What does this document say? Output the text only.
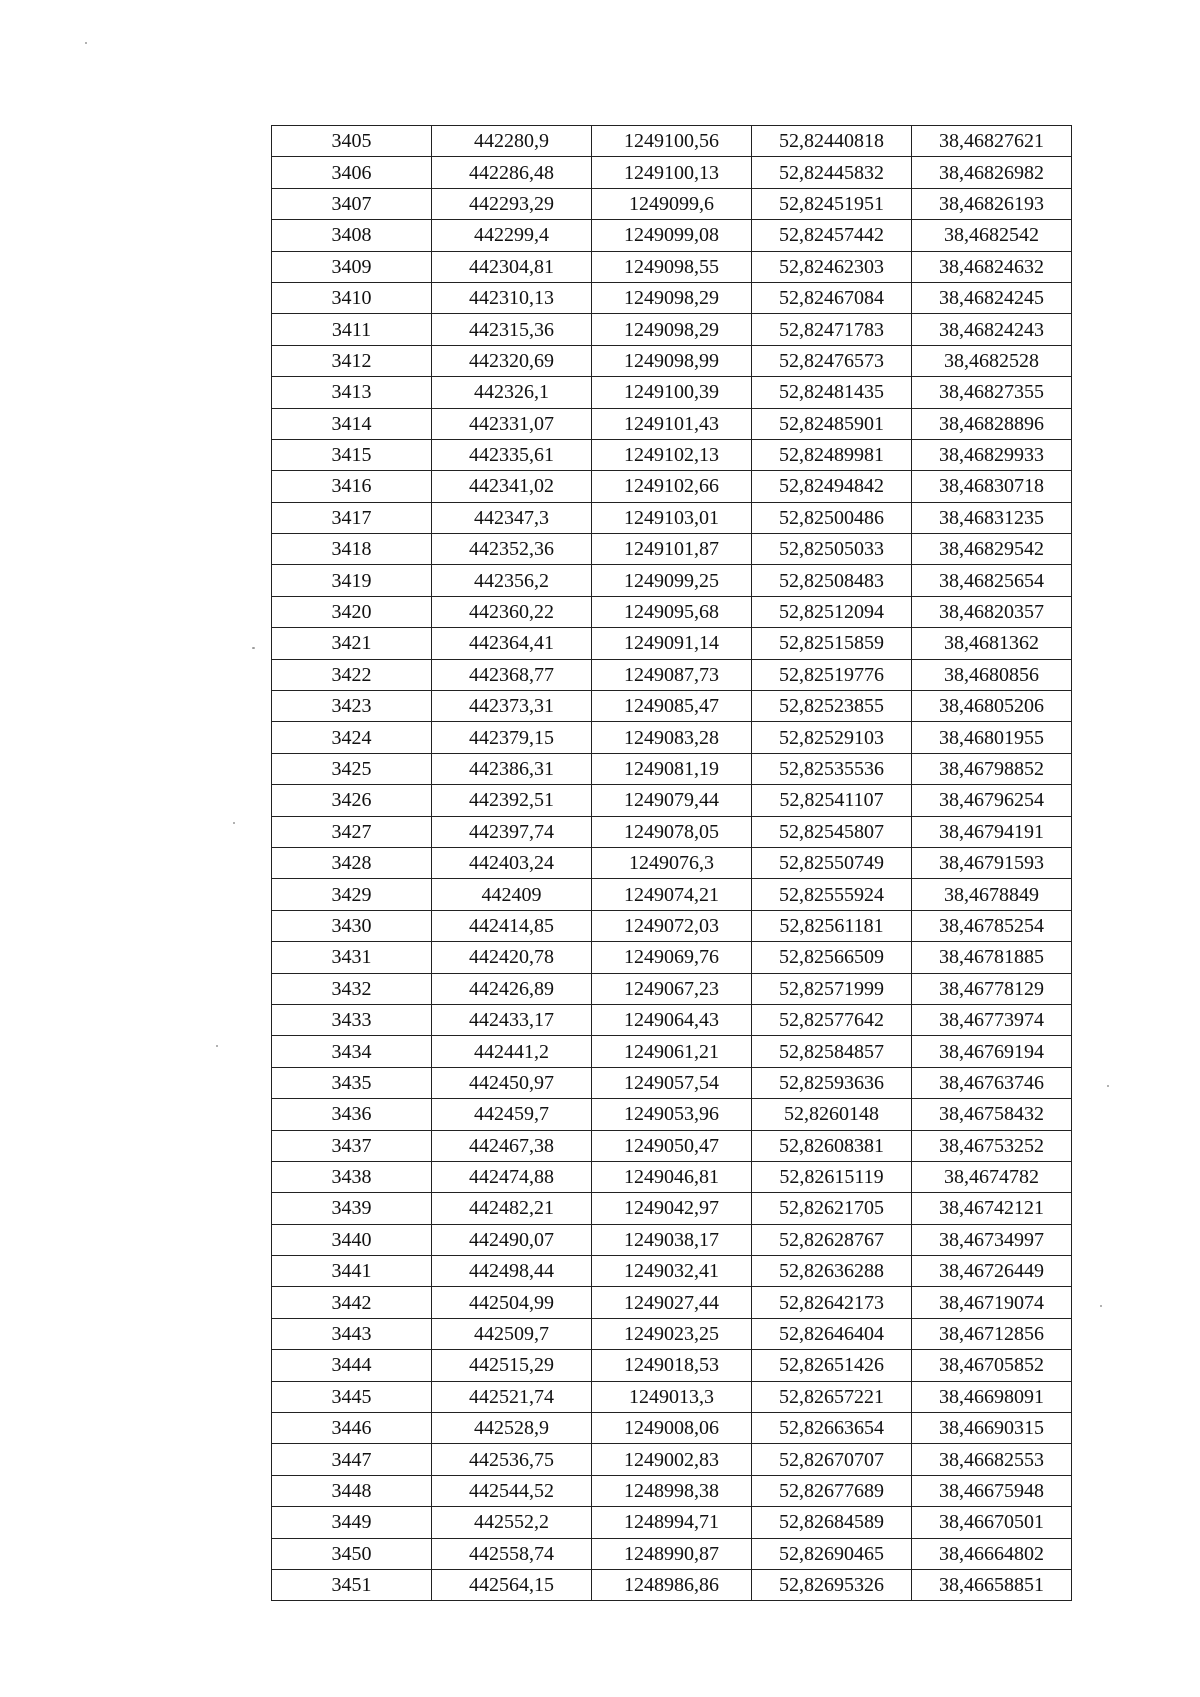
3405	442280,9	1249100,56	52,82440818	38,46827621
3406	442286,48	1249100,13	52,82445832	38,46826982
3407	442293,29	1249099,6	52,82451951	38,46826193
3408	442299,4	1249099,08	52,82457442	38,4682542
3409	442304,81	1249098,55	52,82462303	38,46824632
3410	442310,13	1249098,29	52,82467084	38,46824245
3411	442315,36	1249098,29	52,82471783	38,46824243
3412	442320,69	1249098,99	52,82476573	38,4682528
3413	442326,1	1249100,39	52,82481435	38,46827355
3414	442331,07	1249101,43	52,82485901	38,46828896
3415	442335,61	1249102,13	52,82489981	38,46829933
3416	442341,02	1249102,66	52,82494842	38,46830718
3417	442347,3	1249103,01	52,82500486	38,46831235
3418	442352,36	1249101,87	52,82505033	38,46829542
3419	442356,2	1249099,25	52,82508483	38,46825654
3420	442360,22	1249095,68	52,82512094	38,46820357
3421	442364,41	1249091,14	52,82515859	38,4681362
3422	442368,77	1249087,73	52,82519776	38,4680856
3423	442373,31	1249085,47	52,82523855	38,46805206
3424	442379,15	1249083,28	52,82529103	38,46801955
3425	442386,31	1249081,19	52,82535536	38,46798852
3426	442392,51	1249079,44	52,82541107	38,46796254
3427	442397,74	1249078,05	52,82545807	38,46794191
3428	442403,24	1249076,3	52,82550749	38,46791593
3429	442409	1249074,21	52,82555924	38,4678849
3430	442414,85	1249072,03	52,82561181	38,46785254
3431	442420,78	1249069,76	52,82566509	38,46781885
3432	442426,89	1249067,23	52,82571999	38,46778129
3433	442433,17	1249064,43	52,82577642	38,46773974
3434	442441,2	1249061,21	52,82584857	38,46769194
3435	442450,97	1249057,54	52,82593636	38,46763746
3436	442459,7	1249053,96	52,8260148	38,46758432
3437	442467,38	1249050,47	52,82608381	38,46753252
3438	442474,88	1249046,81	52,82615119	38,4674782
3439	442482,21	1249042,97	52,82621705	38,46742121
3440	442490,07	1249038,17	52,82628767	38,46734997
3441	442498,44	1249032,41	52,82636288	38,46726449
3442	442504,99	1249027,44	52,82642173	38,46719074
3443	442509,7	1249023,25	52,82646404	38,46712856
3444	442515,29	1249018,53	52,82651426	38,46705852
3445	442521,74	1249013,3	52,82657221	38,46698091
3446	442528,9	1249008,06	52,82663654	38,46690315
3447	442536,75	1249002,83	52,82670707	38,46682553
3448	442544,52	1248998,38	52,82677689	38,46675948
3449	442552,2	1248994,71	52,82684589	38,46670501
3450	442558,74	1248990,87	52,82690465	38,46664802
3451	442564,15	1248986,86	52,82695326	38,46658851
